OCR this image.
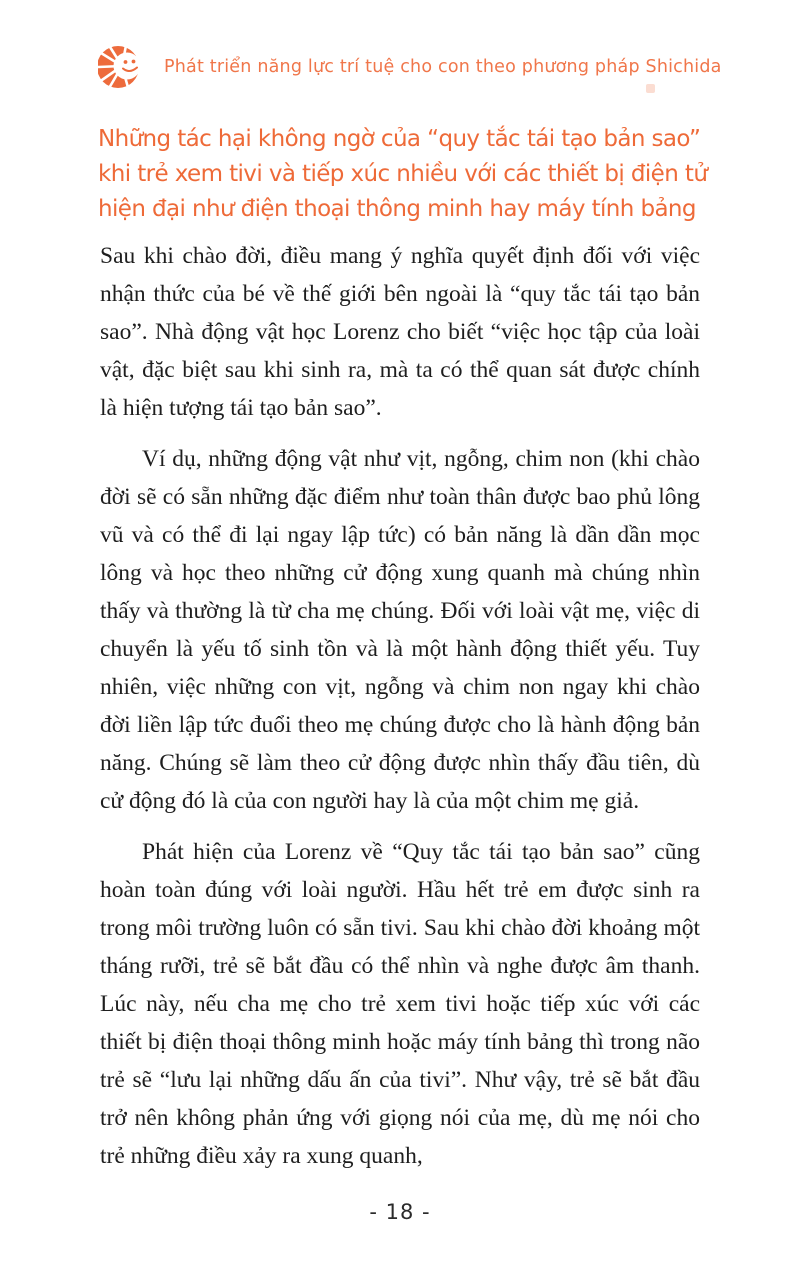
Phát triển năng lực trí tuệ cho con theo phương pháp Shichida
Những tác hại không ngờ của “quy tắc tái tạo bản sao” khi trẻ xem tivi và tiếp xúc nhiều với các thiết bị điện tử hiện đại như điện thoại thông minh hay máy tính bảng

Sau khi chào đời, điều mang ý nghĩa quyết định đối với việc nhận thức của bé về thế giới bên ngoài là “quy tắc tái tạo bản sao”. Nhà động vật học Lorenz cho biết “việc học tập của loài vật, đặc biệt sau khi sinh ra, mà ta có thể quan sát được chính là hiện tượng tái tạo bản sao”.

Ví dụ, những động vật như vịt, ngỗng, chim non (khi chào đời sẽ có sẵn những đặc điểm như toàn thân được bao phủ lông vũ và có thể đi lại ngay lập tức) có bản năng là dần dần mọc lông và học theo những cử động xung quanh mà chúng nhìn thấy và thường là từ cha mẹ chúng. Đối với loài vật mẹ, việc di chuyển là yếu tố sinh tồn và là một hành động thiết yếu. Tuy nhiên, việc những con vịt, ngỗng và chim non ngay khi chào đời liền lập tức đuổi theo mẹ chúng được cho là hành động bản năng. Chúng sẽ làm theo cử động được nhìn thấy đầu tiên, dù cử động đó là của con người hay là của một chim mẹ giả.

Phát hiện của Lorenz về “Quy tắc tái tạo bản sao” cũng hoàn toàn đúng với loài người. Hầu hết trẻ em được sinh ra trong môi trường luôn có sẵn tivi. Sau khi chào đời khoảng một tháng rưỡi, trẻ sẽ bắt đầu có thể nhìn và nghe được âm thanh. Lúc này, nếu cha mẹ cho trẻ xem tivi hoặc tiếp xúc với các thiết bị điện thoại thông minh hoặc máy tính bảng thì trong não trẻ sẽ “lưu lại những dấu ấn của tivi”. Như vậy, trẻ sẽ bắt đầu trở nên không phản ứng với giọng nói của mẹ, dù mẹ nói cho trẻ những điều xảy ra xung quanh,

- 18 -
